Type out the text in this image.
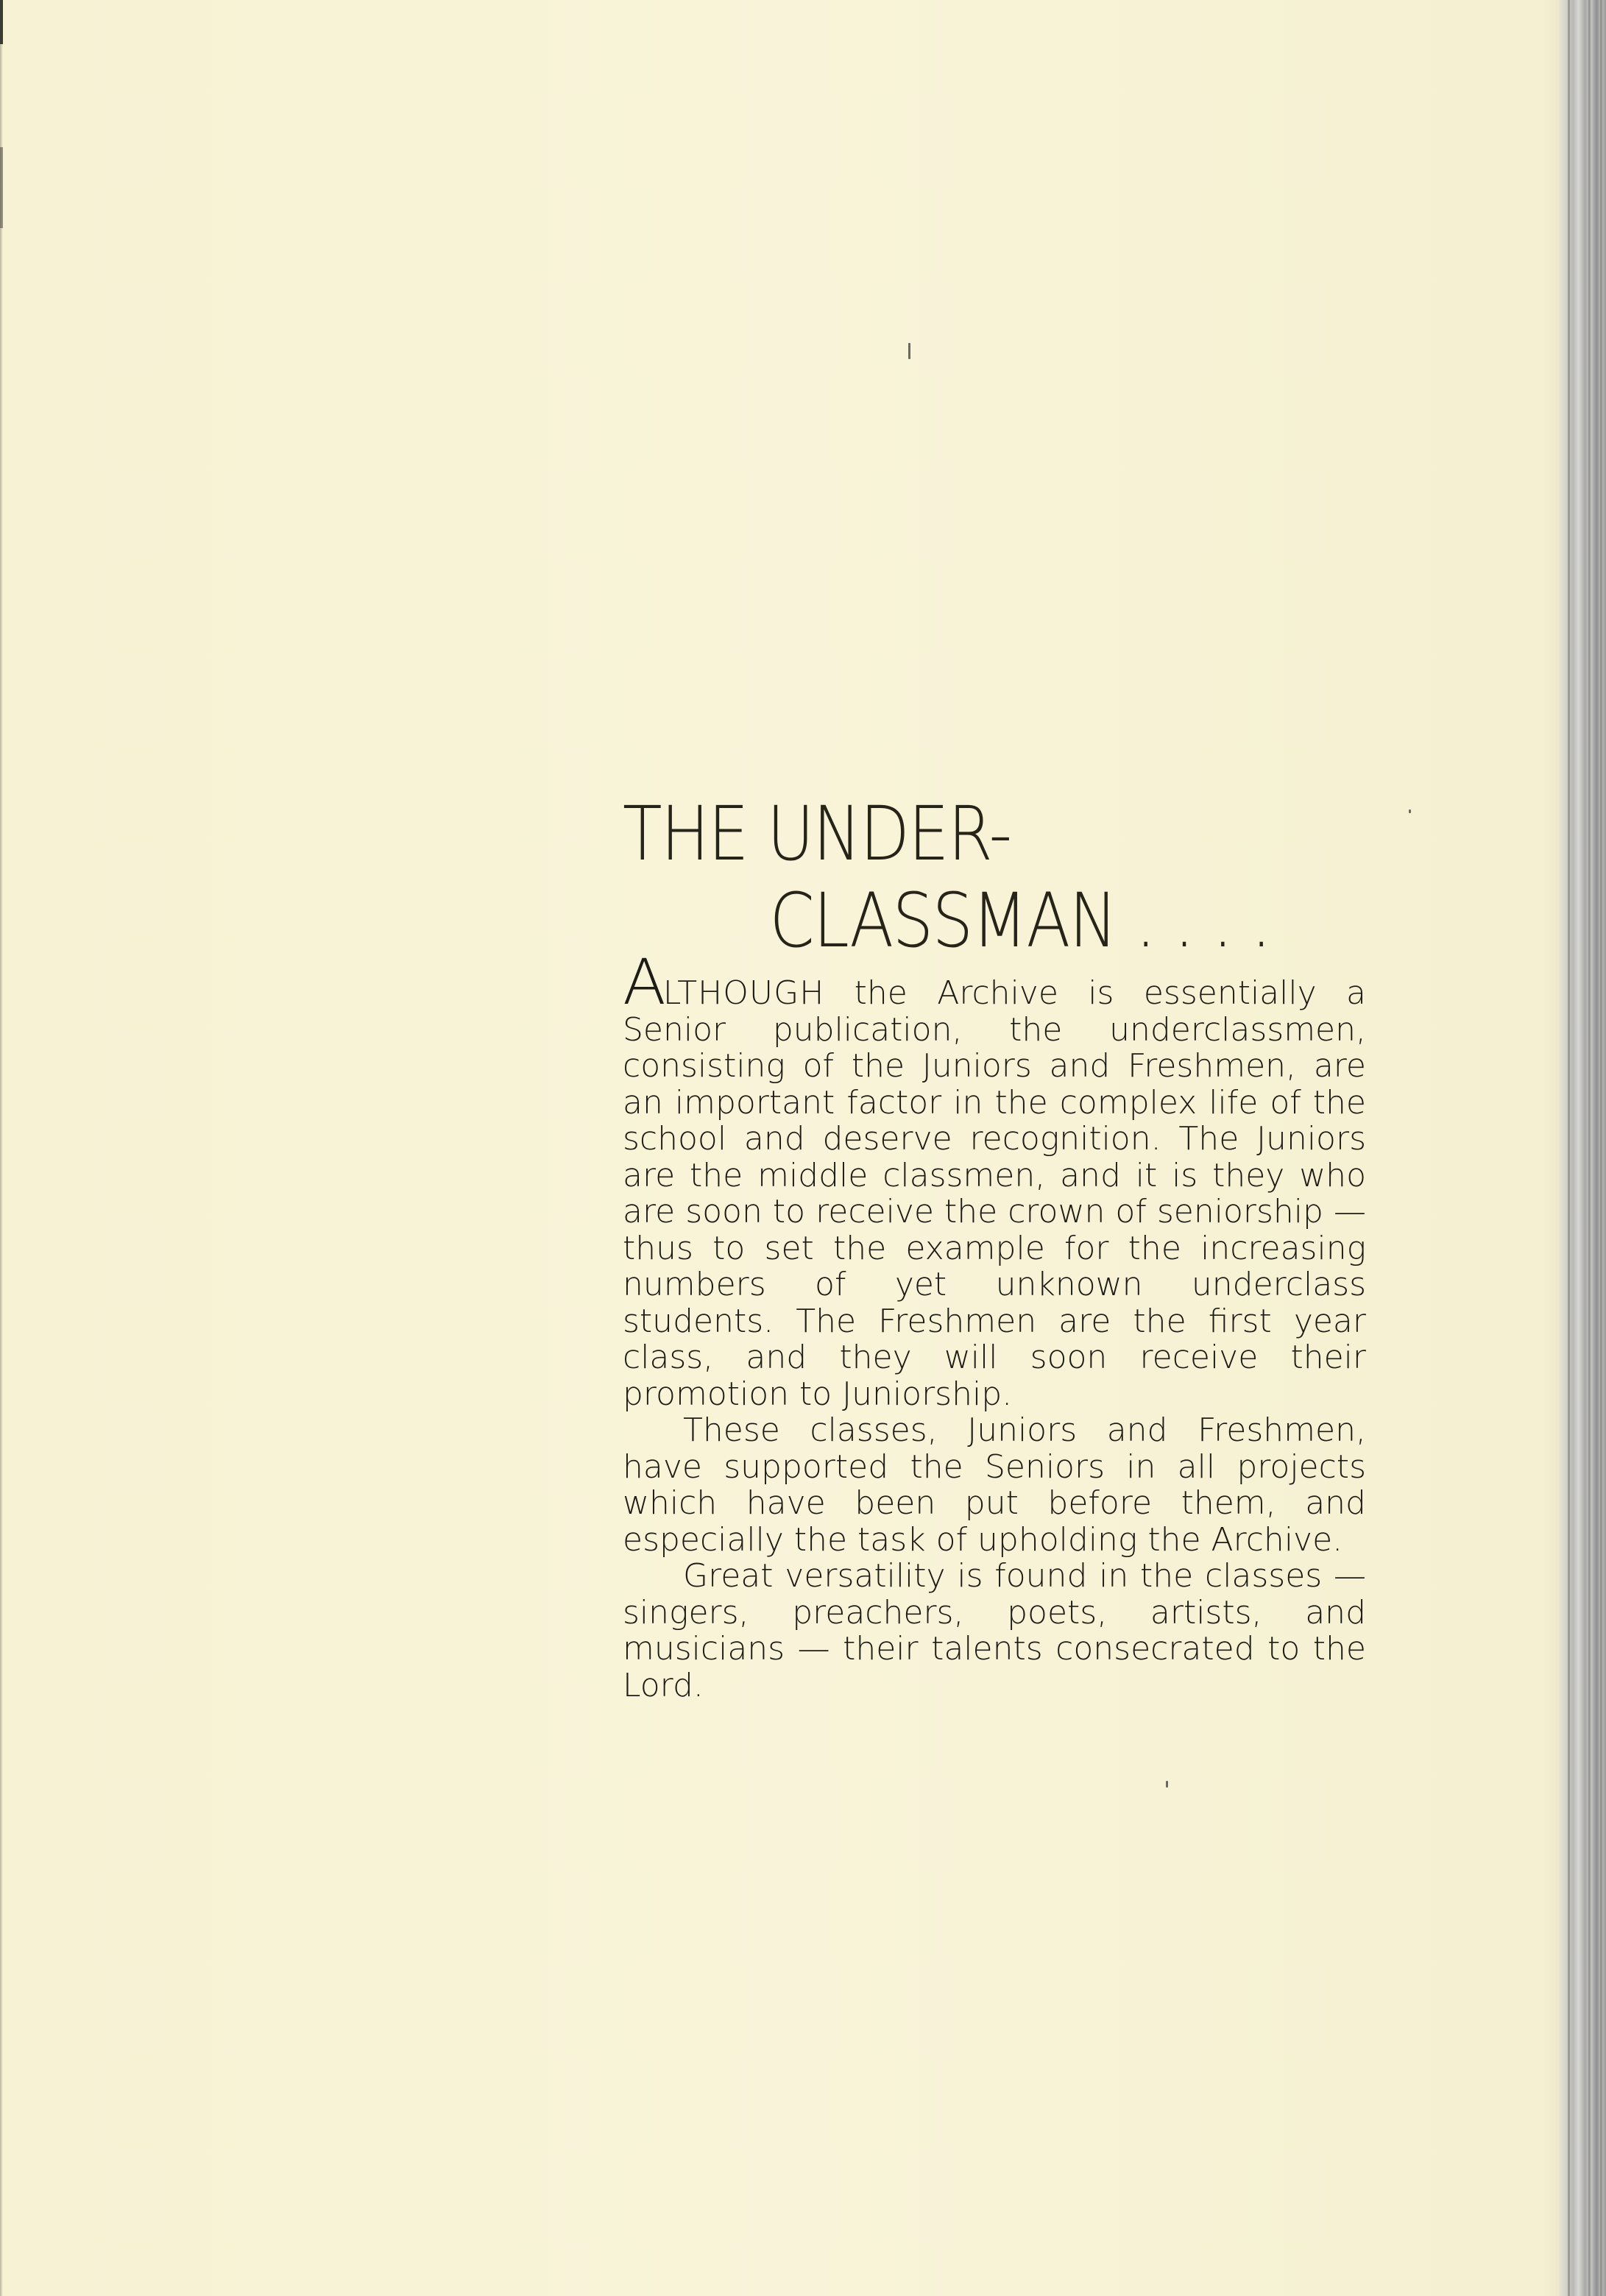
THE UNDER-
CLASSMAN . . . .

ALTHOUGH the Archive is essentially a Senior publication, the underclassmen, consisting of the Juniors and Freshmen, are an important factor in the complex life of the school and deserve recognition. The Juniors are the middle classmen, and it is they who are soon to receive the crown of seniorship — thus to set the example for the increasing numbers of yet unknown underclass students. The Freshmen are the first year class, and they will soon receive their promotion to Juniorship.

These classes, Juniors and Freshmen, have supported the Seniors in all projects which have been put before them, and especially the task of upholding the Archive.

Great versatility is found in the classes — singers, preachers, poets, artists, and musicians — their talents consecrated to the Lord.
